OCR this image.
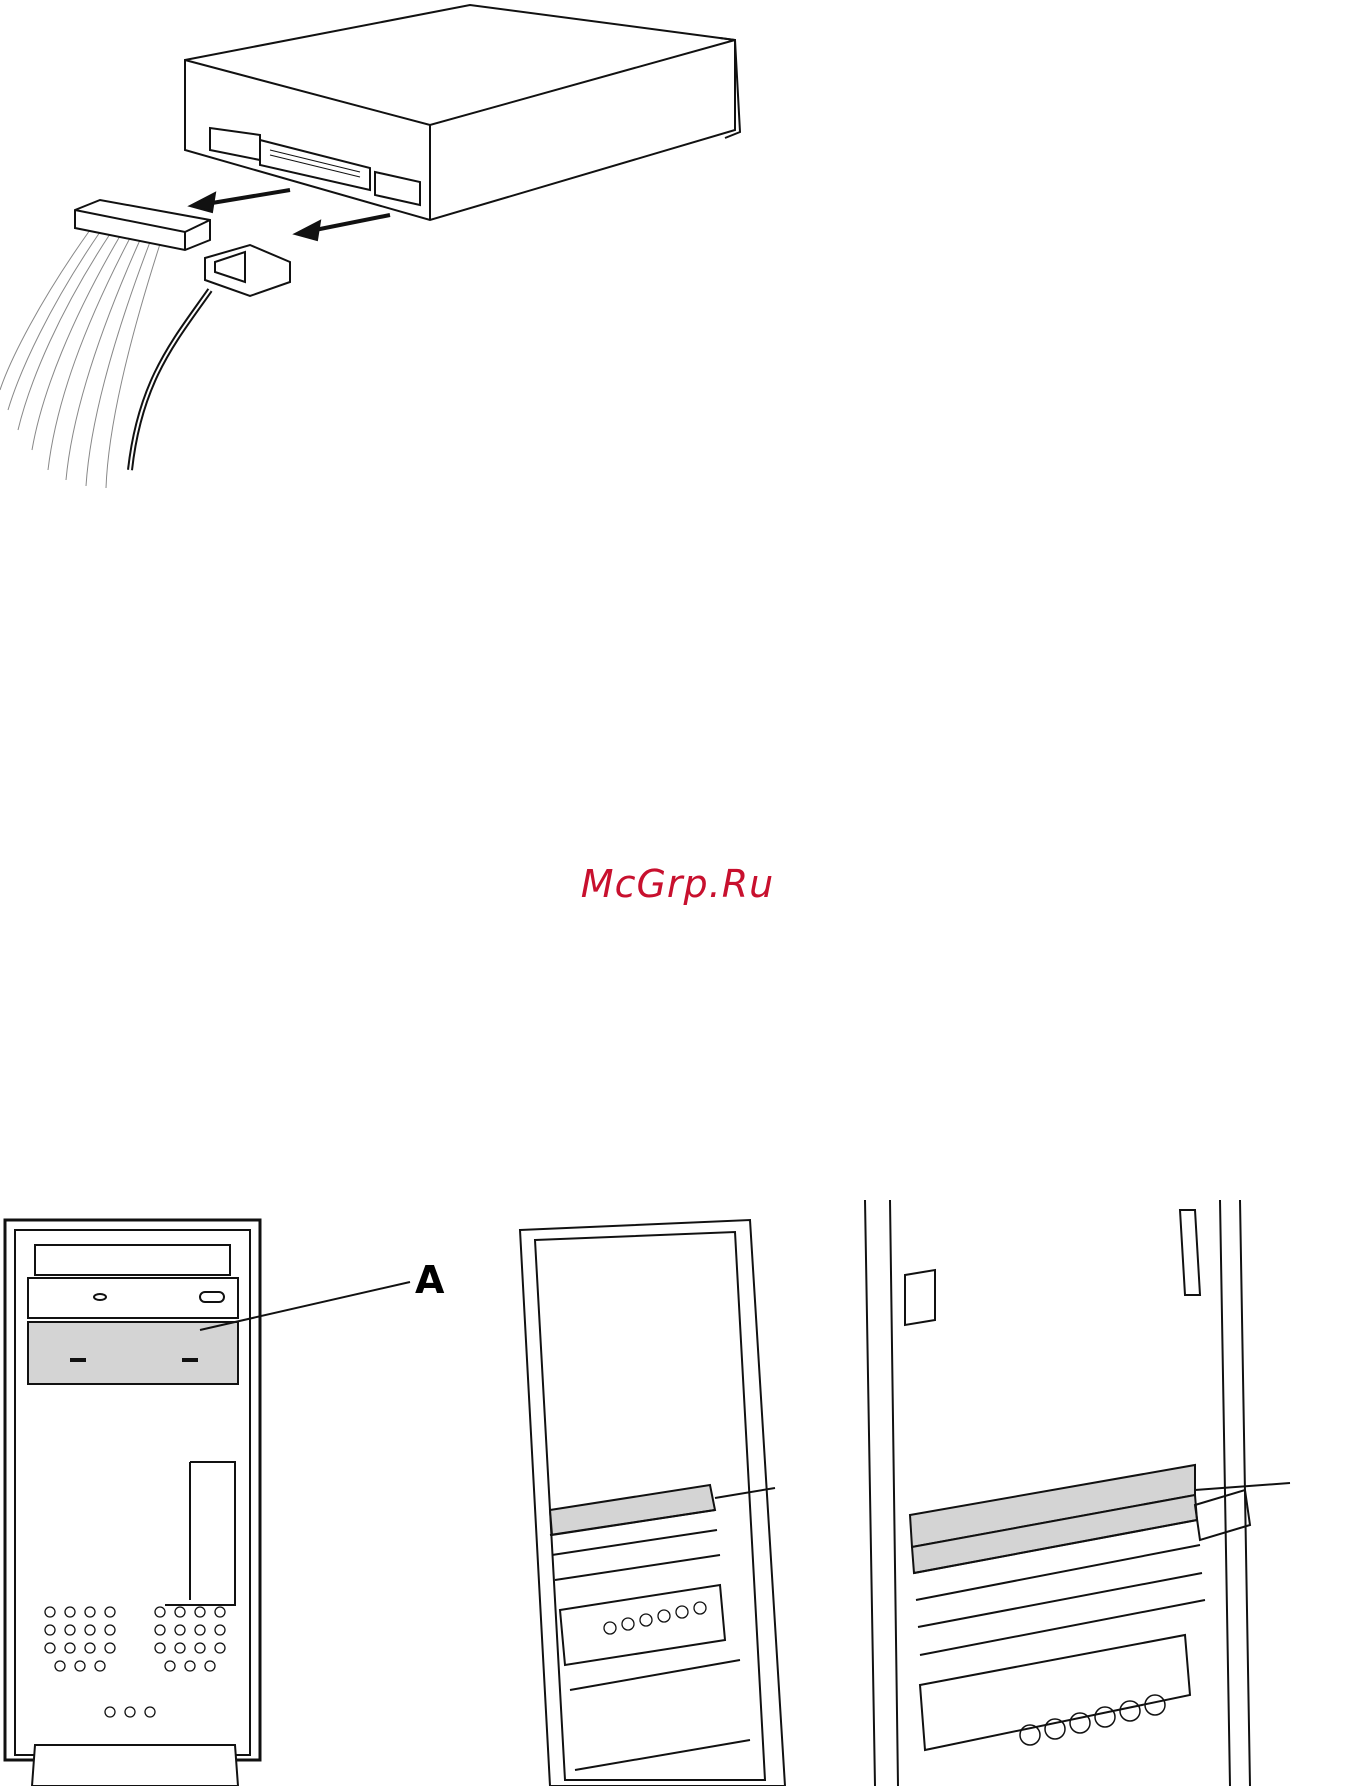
McGrp.Ru
A
